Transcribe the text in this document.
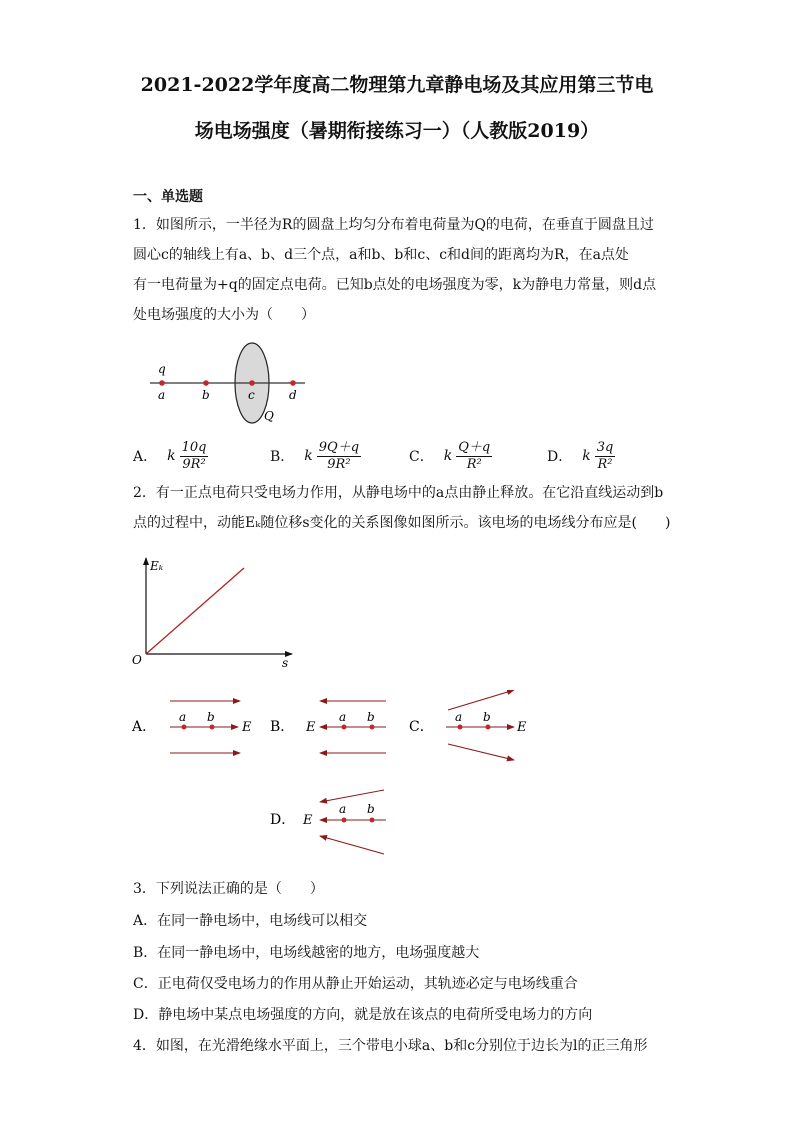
2021-2022学年度高二物理第九章静电场及其应用第三节电
场电场强度（暑期衔接练习一）（人教版2019）
一、单选题
1．如图所示，一半径为R的圆盘上均匀分布着电荷量为Q的电荷，在垂直于圆盘且过
圆心c的轴线上有a、b、d三个点，a和b、b和c、c和d间的距离均为R，在a点处
有一电荷量为+q的固定点电荷。已知b点处的电场强度为零，k为静电力常量，则d点
处电场强度的大小为（　　）
q
a	b	c	d
Q
A． k $\frac{10q}{\text{9R²}}$	B． k $\frac{9Q+q}{\text{9R²}}$	C． k $\frac{Q+q}{\text{R²}}$	D． k $\frac{3q}{\text{R²}}$
2．有一正点电荷只受电场力作用，从静电场中的a点由静止释放。在它沿直线运动到b
点的过程中，动能Eₖ随位移s变化的关系图像如图所示。该电场的电场线分布应是(　　)
Eₖ
s
O
A．
a b
E B．
a b
E	C．
a b
E
D．
a b
E
3．下列说法正确的是（　　）
A．在同一静电场中，电场线可以相交
B．在同一静电场中，电场线越密的地方，电场强度越大
C．正电荷仅受电场力的作用从静止开始运动，其轨迹必定与电场线重合
D．静电场中某点电场强度的方向，就是放在该点的电荷所受电场力的方向
4．如图，在光滑绝缘水平面上，三个带电小球a、b和c分别位于边长为l的正三角形
